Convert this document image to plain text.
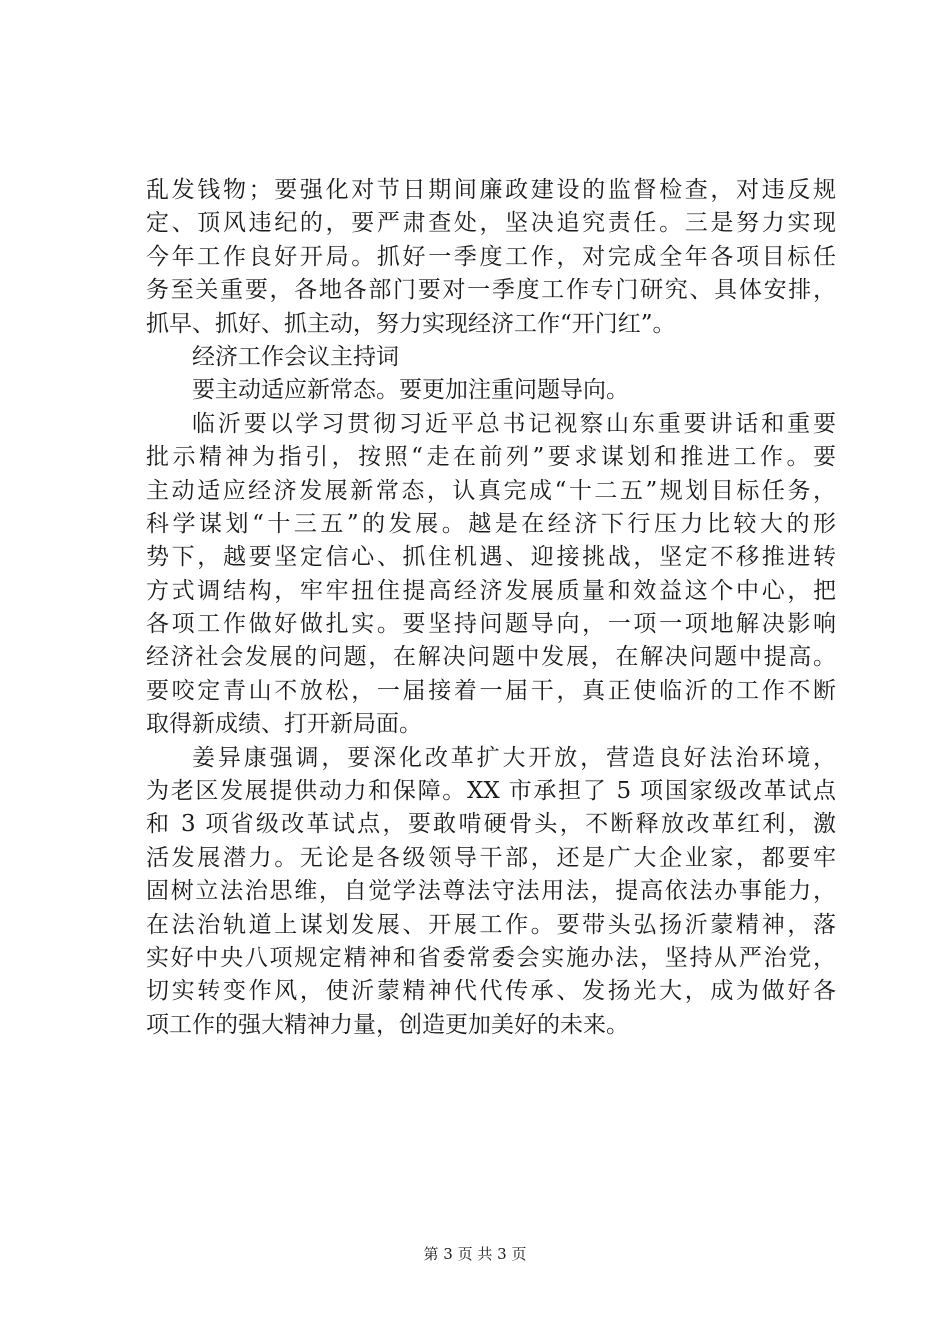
乱发钱物；要强化对节日期间廉政建设的监督检查，对违反规
定、顶风违纪的，要严肃查处，坚决追究责任。三是努力实现
今年工作良好开局。抓好一季度工作，对完成全年各项目标任
务至关重要，各地各部门要对一季度工作专门研究、具体安排，
抓早、抓好、抓主动，努力实现经济工作“开门红”。
经济工作会议主持词
要主动适应新常态。要更加注重问题导向。
临沂要以学习贯彻习近平总书记视察山东重要讲话和重要
批示精神为指引，按照“走在前列”要求谋划和推进工作。要
主动适应经济发展新常态，认真完成“十二五”规划目标任务，
科学谋划“十三五”的发展。越是在经济下行压力比较大的形
势下，越要坚定信心、抓住机遇、迎接挑战，坚定不移推进转
方式调结构，牢牢扭住提高经济发展质量和效益这个中心，把
各项工作做好做扎实。要坚持问题导向，一项一项地解决影响
经济社会发展的问题，在解决问题中发展，在解决问题中提高。
要咬定青山不放松，一届接着一届干，真正使临沂的工作不断
取得新成绩、打开新局面。
姜异康强调，要深化改革扩大开放，营造良好法治环境，
为老区发展提供动力和保障。XX 市承担了 5 项国家级改革试点
和 3 项省级改革试点，要敢啃硬骨头，不断释放改革红利，激
活发展潜力。无论是各级领导干部，还是广大企业家，都要牢
固树立法治思维，自觉学法尊法守法用法，提高依法办事能力，
在法治轨道上谋划发展、开展工作。要带头弘扬沂蒙精神，落
实好中央八项规定精神和省委常委会实施办法，坚持从严治党，
切实转变作风，使沂蒙精神代代传承、发扬光大，成为做好各
项工作的强大精神力量，创造更加美好的未来。
第 3 页 共 3 页
